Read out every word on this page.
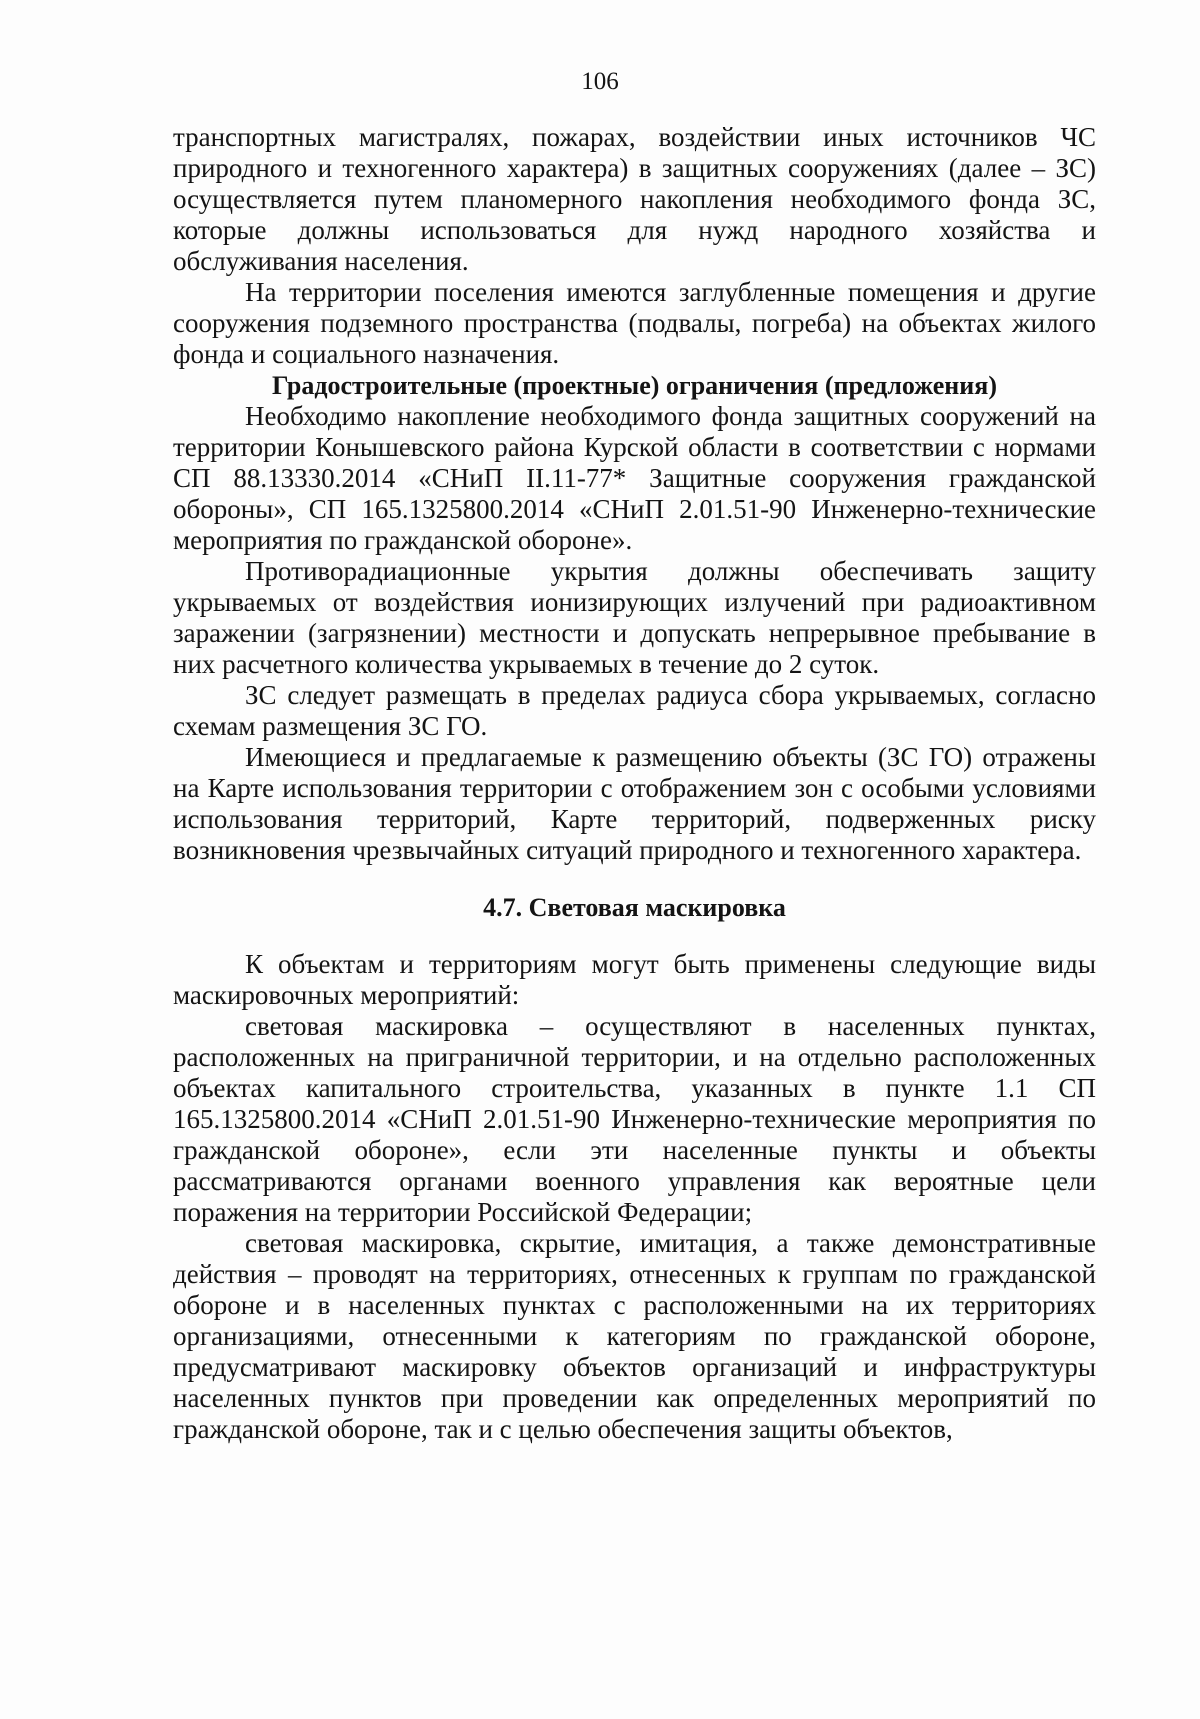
106

транспортных магистралях, пожарах, воздействии иных источников ЧС природного и техногенного характера) в защитных сооружениях (далее – ЗС) осуществляется путем планомерного накопления необходимого фонда ЗС, которые должны использоваться для нужд народного хозяйства и обслуживания населения.

На территории поселения имеются заглубленные помещения и другие сооружения подземного пространства (подвалы, погреба) на объектах жилого фонда и социального назначения.

Градостроительные (проектные) ограничения (предложения)

Необходимо накопление необходимого фонда защитных сооружений на территории Конышевского района Курской области в соответствии с нормами СП 88.13330.2014 «СНиП II.11-77* Защитные сооружения гражданской обороны», СП 165.1325800.2014 «СНиП 2.01.51-90 Инженерно-технические мероприятия по гражданской обороне».

Противорадиационные укрытия должны обеспечивать защиту укрываемых от воздействия ионизирующих излучений при радиоактивном заражении (загрязнении) местности и допускать непрерывное пребывание в них расчетного количества укрываемых в течение до 2 суток.

ЗС следует размещать в пределах радиуса сбора укрываемых, согласно схемам размещения ЗС ГО.

Имеющиеся и предлагаемые к размещению объекты (ЗС ГО) отражены на Карте использования территории с отображением зон с особыми условиями использования территорий, Карте территорий, подверженных риску возникновения чрезвычайных ситуаций природного и техногенного характера.

4.7. Световая маскировка

К объектам и территориям могут быть применены следующие виды маскировочных мероприятий:

световая маскировка – осуществляют в населенных пунктах, расположенных на приграничной территории, и на отдельно расположенных объектах капитального строительства, указанных в пункте 1.1 СП 165.1325800.2014 «СНиП 2.01.51-90 Инженерно-технические мероприятия по гражданской обороне», если эти населенные пункты и объекты рассматриваются органами военного управления как вероятные цели поражения на территории Российской Федерации;

световая маскировка, скрытие, имитация, а также демонстративные действия – проводят на территориях, отнесенных к группам по гражданской обороне и в населенных пунктах с расположенными на их территориях организациями, отнесенными к категориям по гражданской обороне, предусматривают маскировку объектов организаций и инфраструктуры населенных пунктов при проведении как определенных мероприятий по гражданской обороне, так и с целью обеспечения защиты объектов,
